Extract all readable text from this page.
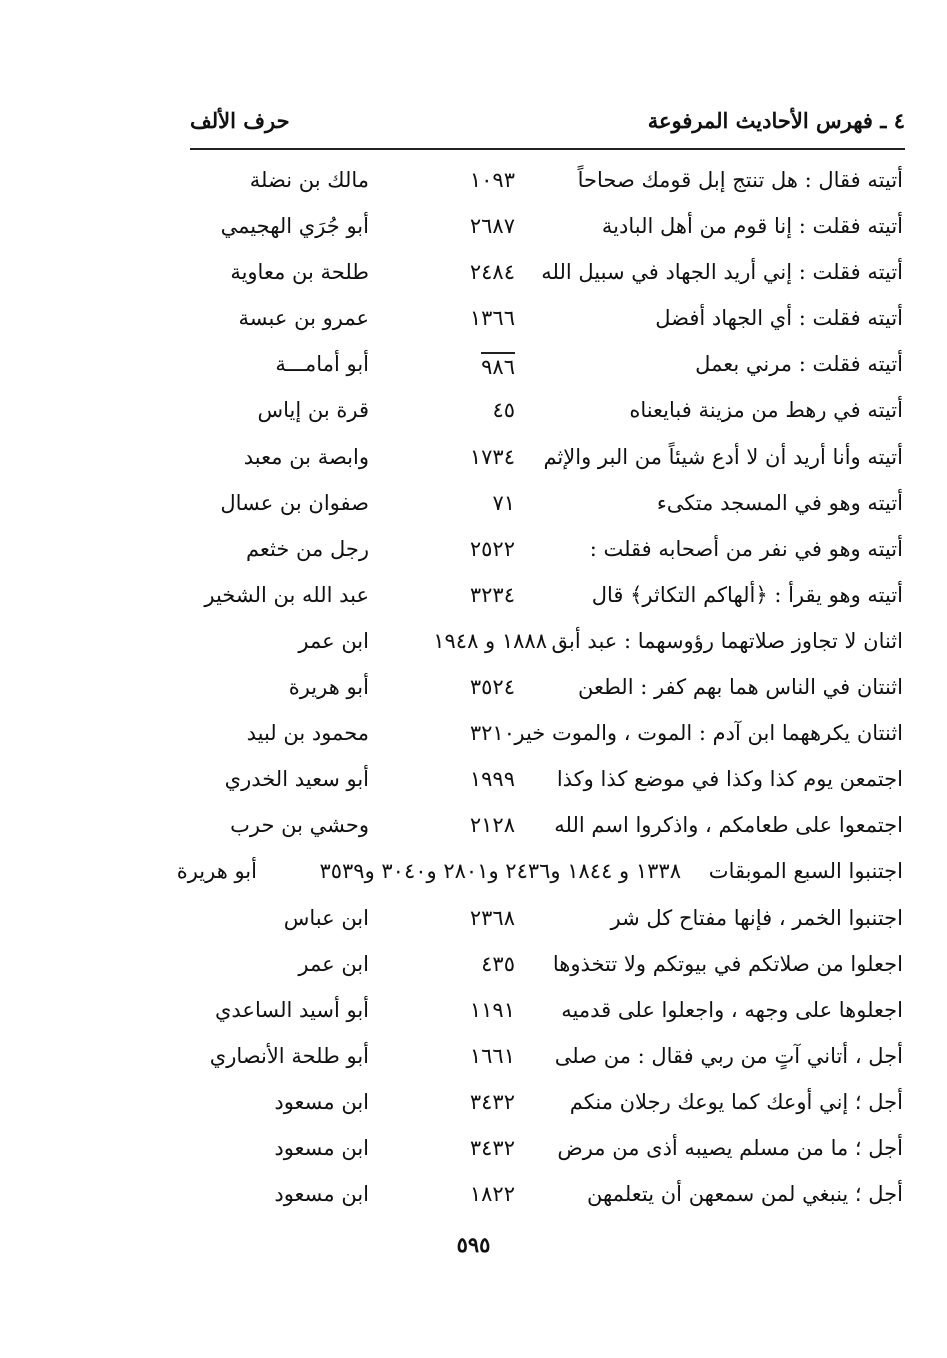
٤ ـ فهرس الأحاديث المرفوعة
حرف الألف
أتيته فقال : هل تنتج إبل قومك صحاحاً
١٠٩٣
مالك بن نضلة
أتيته فقلت : إنا قوم من أهل البادية
٢٦٨٧
أبو جُرَي الهجيمي
أتيته فقلت : إني أريد الجهاد في سبيل الله
٢٤٨٤
طلحة بن معاوية
أتيته فقلت : أي الجهاد أفضل
١٣٦٦
عمرو بن عبسة
أتيته فقلت : مرني بعمل
٩٨٦
أبو أمامـــة
أتيته في رهط من مزينة فبايعناه
٤٥
قرة بن إياس
أتيته وأنا أريد أن لا أدع شيئاً من البر والإثم
١٧٣٤
وابصة بن معبد
أتيته وهو في المسجد متكىء
٧١
صفوان بن عسال
أتيته وهو في نفر من أصحابه فقلت :
٢٥٢٢
رجل من خثعم
أتيته وهو يقرأ : ﴿ألهاكم التكاثر﴾ قال
٣٢٣٤
عبد الله بن الشخير
اثنان لا تجاوز صلاتهما رؤوسهما : عبد أبق
١٨٨٨ و ١٩٤٨
ابن عمر
اثنتان في الناس هما بهم كفر : الطعن
٣٥٢٤
أبو هريرة
اثنتان يكرههما ابن آدم : الموت ، والموت خير
٣٢١٠
محمود بن لبيد
اجتمعن يوم كذا وكذا في موضع كذا وكذا
١٩٩٩
أبو سعيد الخدري
اجتمعوا على طعامكم ، واذكروا اسم الله
٢١٢٨
وحشي بن حرب
اجتنبوا السبع الموبقات
١٣٣٨ و ١٨٤٤ و٢٤٣٦ و٢٨٠١ و٣٠٤٠ و٣٥٣٩
أبو هريرة
اجتنبوا الخمر ، فإنها مفتاح كل شر
٢٣٦٨
ابن عباس
اجعلوا من صلاتكم في بيوتكم ولا تتخذوها
٤٣٥
ابن عمر
اجعلوها على وجهه ، واجعلوا على قدميه
١١٩١
أبو أسيد الساعدي
أجل ، أتاني آتٍ من ربي فقال : من صلى
١٦٦١
أبو طلحة الأنصاري
أجل ؛ إني أوعك كما يوعك رجلان منكم
٣٤٣٢
ابن مسعود
أجل ؛ ما من مسلم يصيبه أذى من مرض
٣٤٣٢
ابن مسعود
أجل ؛ ينبغي لمن سمعهن أن يتعلمهن
١٨٢٢
ابن مسعود
٥٩٥
